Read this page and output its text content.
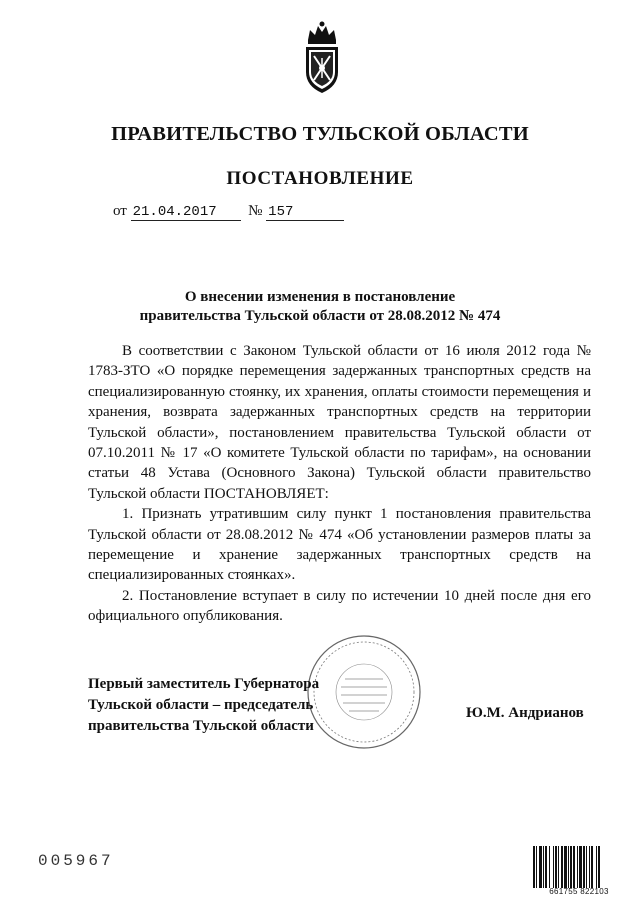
ПРАВИТЕЛЬСТВО ТУЛЬСКОЙ ОБЛАСТИ
ПОСТАНОВЛЕНИЕ
от 21.04.2017 № 157
О внесении изменения в постановление
правительства Тульской области от 28.08.2012 № 474

В соответствии с Законом Тульской области от 16 июля 2012 года № 1783-ЗТО «О порядке перемещения задержанных транспортных средств на специализированную стоянку, их хранения, оплаты стоимости перемещения и хранения, возврата задержанных транспортных средств на территории Тульской области», постановлением правительства Тульской области от 07.10.2011 № 17 «О комитете Тульской области по тарифам», на основании статьи 48 Устава (Основного Закона) Тульской области правительство Тульской области ПОСТАНОВЛЯЕТ:

1. Признать утратившим силу пункт 1 постановления правительства Тульской области от 28.08.2012 № 474 «Об установлении размеров платы за перемещение и хранение задержанных транспортных средств на специализированных стоянках».

2. Постановление вступает в силу по истечении 10 дней после дня его официального опубликования.

Первый заместитель Губернатора
Тульской области – председатель
правительства Тульской области
Ю.М. Андрианов
005967
661755 822103
